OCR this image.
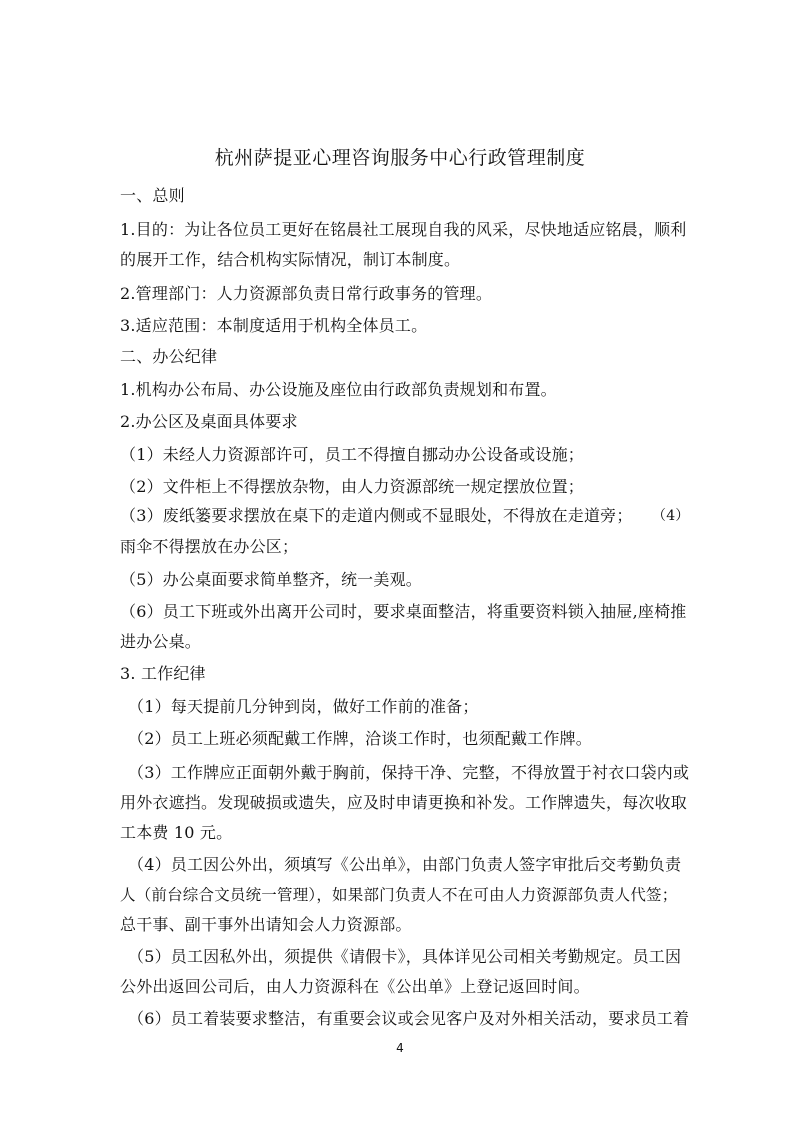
杭州萨提亚心理咨询服务中心行政管理制度
一、总则
1.目的：为让各位员工更好在铭晨社工展现自我的风采，尽快地适应铭晨，顺利
的展开工作，结合机构实际情况，制订本制度。
2.管理部门：人力资源部负责日常行政事务的管理。
3.适应范围：本制度适用于机构全体员工。
二、办公纪律
1.机构办公布局、办公设施及座位由行政部负责规划和布置。
2.办公区及桌面具体要求
（1）未经人力资源部许可，员工不得擅自挪动办公设备或设施；
（2）文件柜上不得摆放杂物，由人力资源部统一规定摆放位置；
（3）废纸篓要求摆放在桌下的走道内侧或不显眼处，不得放在走道旁； （4）
雨伞不得摆放在办公区；
（5）办公桌面要求简单整齐，统一美观。
（6）员工下班或外出离开公司时，要求桌面整洁，将重要资料锁入抽屉,座椅推
进办公桌。
3. 工作纪律
（1）每天提前几分钟到岗，做好工作前的准备；
（2）员工上班必须配戴工作牌，洽谈工作时，也须配戴工作牌。
（3）工作牌应正面朝外戴于胸前，保持干净、完整，不得放置于衬衣口袋内或
用外衣遮挡。发现破损或遗失，应及时申请更换和补发。工作牌遗失，每次收取
工本费 10 元。
（4）员工因公外出，须填写《公出单》，由部门负责人签字审批后交考勤负责
人（前台综合文员统一管理），如果部门负责人不在可由人力资源部负责人代签；
总干事、副干事外出请知会人力资源部。
（5）员工因私外出，须提供《请假卡》，具体详见公司相关考勤规定。员工因
公外出返回公司后，由人力资源科在《公出单》上登记返回时间。
（6）员工着装要求整洁，有重要会议或会见客户及对外相关活动，要求员工着
4
